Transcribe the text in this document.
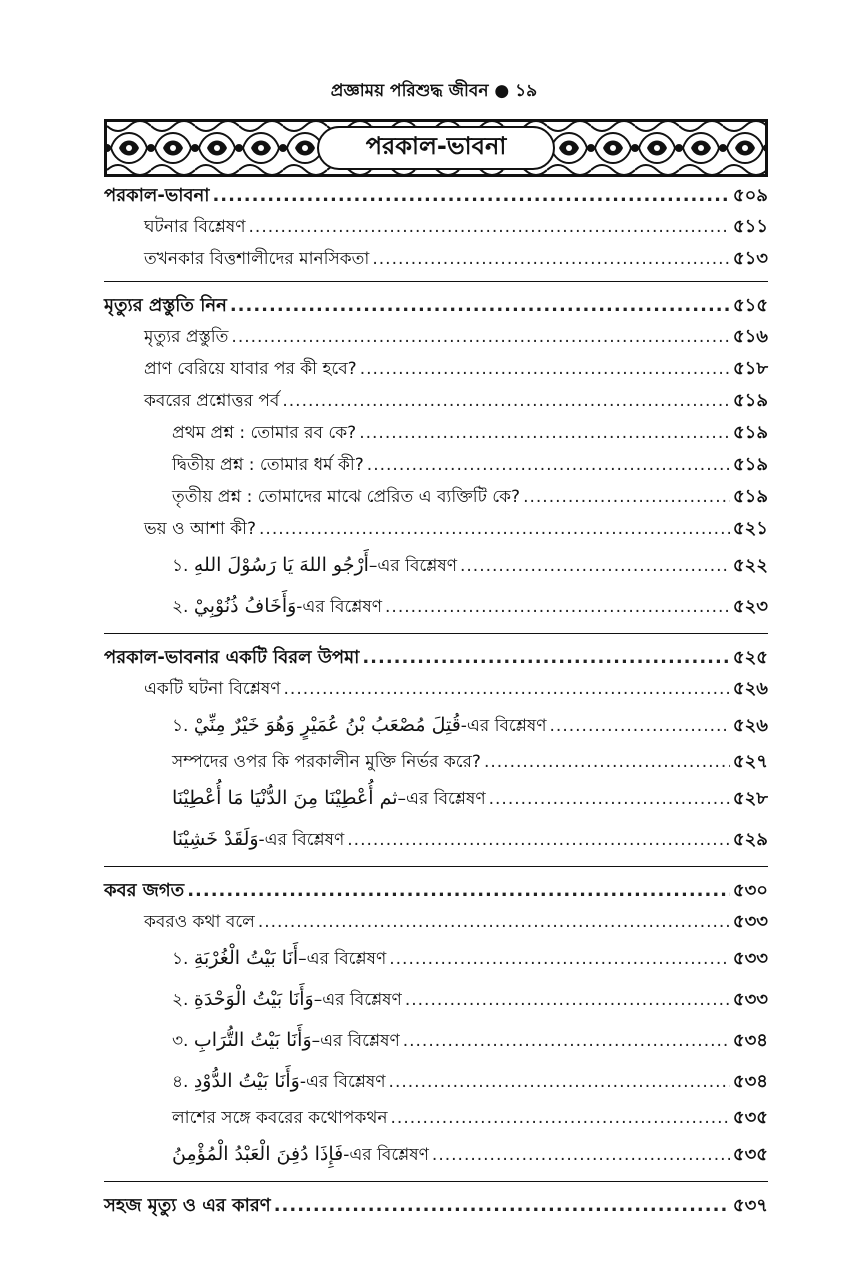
প্রজ্ঞাময় পরিশুদ্ধ জীবন ● ১৯
পরকাল-ভাবনা
পরকাল-ভাবনা .....	৫০৯
ঘটনার বিশ্লেষণ .....	৫১১
তখনকার বিত্তশালীদের মানসিকতা .....	৫১৩
মৃত্যুর প্রস্তুতি নিন .....	৫১৫
মৃত্যুর প্রস্তুতি .....	৫১৬
প্রাণ বেরিয়ে যাবার পর কী হবে? .....	৫১৮
কবরের প্রশ্নোত্তর পর্ব .....	৫১৯
প্রথম প্রশ্ন : তোমার রব কে? .....	৫১৯
দ্বিতীয় প্রশ্ন : তোমার ধর্ম কী? .....	৫১৯
তৃতীয় প্রশ্ন : তোমাদের মাঝে প্রেরিত এ ব্যক্তিটি কে? .....	৫১৯
ভয় ও আশা কী? .....	৫২১
১. أَرْجُو اللهَ يَا رَسُوْلَ اللهِ–এর বিশ্লেষণ .....	৫২২
২. وَأَخَافُ ذُنُوْبِيْ-এর বিশ্লেষণ .....	৫২৩
পরকাল-ভাবনার একটি বিরল উপমা .....	৫২৫
একটি ঘটনা বিশ্লেষণ .....	৫২৬
১. قُتِلَ مُصْعَبُ بْنُ عُمَيْرٍ وَهُوَ خَيْرٌ مِنِّيْ-এর বিশ্লেষণ .....	৫২৬
সম্পদের ওপর কি পরকালীন মুক্তি নির্ভর করে? .....	৫২৭
ثم أُعْطِيْنَا مِنَ الدُّنْيَا مَا أُعْطِيْنَا–এর বিশ্লেষণ .....	৫২৮
وَلَقَدْ خَشِيْنَا-এর বিশ্লেষণ .....	৫২৯
কবর জগত .....	৫৩০
কবরও কথা বলে .....	৫৩৩
১. أَنَا بَيْتُ الْغُرْبَةِ–এর বিশ্লেষণ .....	৫৩৩
২. وَأَنَا بَيْتُ الْوَحْدَةِ–এর বিশ্লেষণ .....	৫৩৩
৩. وَأَنَا بَيْتُ التُّرَابِ–এর বিশ্লেষণ .....	৫৩৪
৪. وَأَنَا بَيْتُ الدُّوْدِ-এর বিশ্লেষণ .....	৫৩৪
লাশের সঙ্গে কবরের কথোপকথন .....	৫৩৫
فَإِذَا دُفِنَ الْعَبْدُ الْمُؤْمِنُ-এর বিশ্লেষণ .....	৫৩৫
সহজ মৃত্যু ও এর কারণ .....	৫৩৭
